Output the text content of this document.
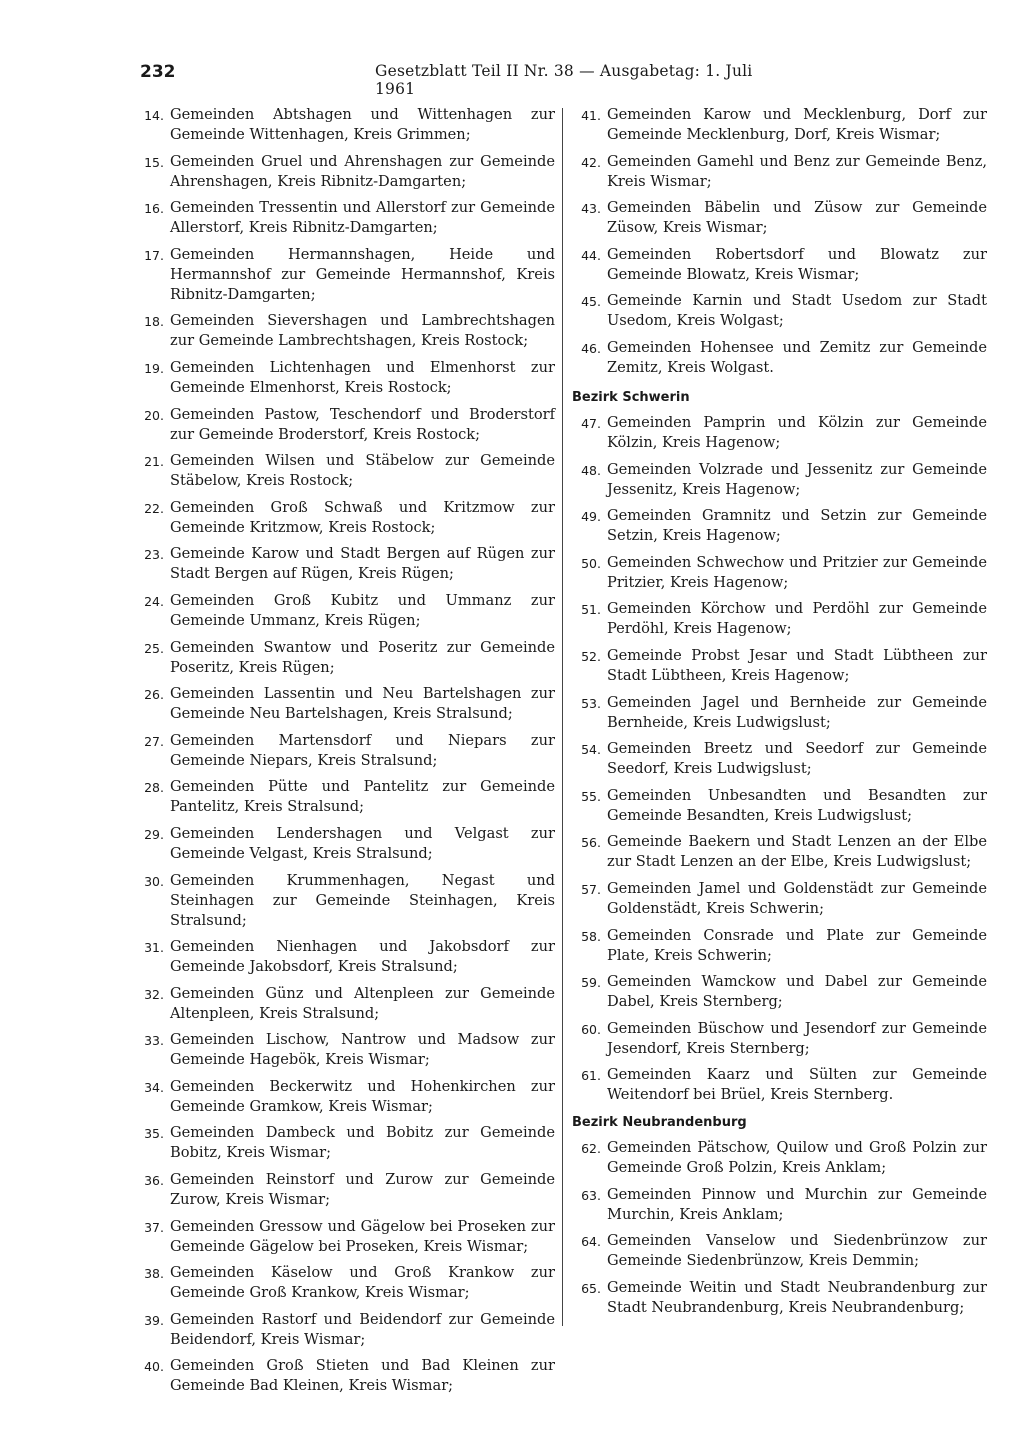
232	Gesetzblatt Teil II Nr. 38 — Ausgabetag: 1. Juli 1961
14. Gemeinden Abtshagen und Wittenhagen zur Gemeinde Wittenhagen, Kreis Grimmen;
15. Gemeinden Gruel und Ahrenshagen zur Gemeinde Ahrenshagen, Kreis Ribnitz-Damgarten;
16. Gemeinden Tressentin und Allerstorf zur Gemeinde Allerstorf, Kreis Ribnitz-Damgarten;
17. Gemeinden Hermannshagen, Heide und Hermannshof zur Gemeinde Hermannshof, Kreis Ribnitz-Damgarten;
18. Gemeinden Sievershagen und Lambrechtshagen zur Gemeinde Lambrechtshagen, Kreis Rostock;
19. Gemeinden Lichtenhagen und Elmenhorst zur Gemeinde Elmenhorst, Kreis Rostock;
20. Gemeinden Pastow, Teschendorf und Broderstorf zur Gemeinde Broderstorf, Kreis Rostock;
21. Gemeinden Wilsen und Stäbelow zur Gemeinde Stäbelow, Kreis Rostock;
22. Gemeinden Groß Schwaß und Kritzmow zur Gemeinde Kritzmow, Kreis Rostock;
23. Gemeinde Karow und Stadt Bergen auf Rügen zur Stadt Bergen auf Rügen, Kreis Rügen;
24. Gemeinden Groß Kubitz und Ummanz zur Gemeinde Ummanz, Kreis Rügen;
25. Gemeinden Swantow und Poseritz zur Gemeinde Poseritz, Kreis Rügen;
26. Gemeinden Lassentin und Neu Bartelshagen zur Gemeinde Neu Bartelshagen, Kreis Stralsund;
27. Gemeinden Martensdorf und Niepars zur Gemeinde Niepars, Kreis Stralsund;
28. Gemeinden Pütte und Pantelitz zur Gemeinde Pantelitz, Kreis Stralsund;
29. Gemeinden Lendershagen und Velgast zur Gemeinde Velgast, Kreis Stralsund;
30. Gemeinden Krummenhagen, Negast und Steinhagen zur Gemeinde Steinhagen, Kreis Stralsund;
31. Gemeinden Nienhagen und Jakobsdorf zur Gemeinde Jakobsdorf, Kreis Stralsund;
32. Gemeinden Günz und Altenpleen zur Gemeinde Altenpleen, Kreis Stralsund;
33. Gemeinden Lischow, Nantrow und Madsow zur Gemeinde Hagebök, Kreis Wismar;
34. Gemeinden Beckerwitz und Hohenkirchen zur Gemeinde Gramkow, Kreis Wismar;
35. Gemeinden Dambeck und Bobitz zur Gemeinde Bobitz, Kreis Wismar;
36. Gemeinden Reinstorf und Zurow zur Gemeinde Zurow, Kreis Wismar;
37. Gemeinden Gressow und Gägelow bei Proseken zur Gemeinde Gägelow bei Proseken, Kreis Wismar;
38. Gemeinden Käselow und Groß Krankow zur Gemeinde Groß Krankow, Kreis Wismar;
39. Gemeinden Rastorf und Beidendorf zur Gemeinde Beidendorf, Kreis Wismar;
40. Gemeinden Groß Stieten und Bad Kleinen zur Gemeinde Bad Kleinen, Kreis Wismar;
41. Gemeinden Karow und Mecklenburg, Dorf zur Gemeinde Mecklenburg, Dorf, Kreis Wismar;
42. Gemeinden Gamehl und Benz zur Gemeinde Benz, Kreis Wismar;
43. Gemeinden Bäbelin und Züsow zur Gemeinde Züsow, Kreis Wismar;
44. Gemeinden Robertsdorf und Blowatz zur Gemeinde Blowatz, Kreis Wismar;
45. Gemeinde Karnin und Stadt Usedom zur Stadt Usedom, Kreis Wolgast;
46. Gemeinden Hohensee und Zemitz zur Gemeinde Zemitz, Kreis Wolgast.
Bezirk Schwerin
47. Gemeinden Pamprin und Kölzin zur Gemeinde Kölzin, Kreis Hagenow;
48. Gemeinden Volzrade und Jessenitz zur Gemeinde Jessenitz, Kreis Hagenow;
49. Gemeinden Gramnitz und Setzin zur Gemeinde Setzin, Kreis Hagenow;
50. Gemeinden Schwechow und Pritzier zur Gemeinde Pritzier, Kreis Hagenow;
51. Gemeinden Körchow und Perdöhl zur Gemeinde Perdöhl, Kreis Hagenow;
52. Gemeinde Probst Jesar und Stadt Lübtheen zur Stadt Lübtheen, Kreis Hagenow;
53. Gemeinden Jagel und Bernheide zur Gemeinde Bernheide, Kreis Ludwigslust;
54. Gemeinden Breetz und Seedorf zur Gemeinde Seedorf, Kreis Ludwigslust;
55. Gemeinden Unbesandten und Besandten zur Gemeinde Besandten, Kreis Ludwigslust;
56. Gemeinde Baekern und Stadt Lenzen an der Elbe zur Stadt Lenzen an der Elbe, Kreis Ludwigslust;
57. Gemeinden Jamel und Goldenstädt zur Gemeinde Goldenstädt, Kreis Schwerin;
58. Gemeinden Consrade und Plate zur Gemeinde Plate, Kreis Schwerin;
59. Gemeinden Wamckow und Dabel zur Gemeinde Dabel, Kreis Sternberg;
60. Gemeinden Büschow und Jesendorf zur Gemeinde Jesendorf, Kreis Sternberg;
61. Gemeinden Kaarz und Sülten zur Gemeinde Weitendorf bei Brüel, Kreis Sternberg.
Bezirk Neubrandenburg
62. Gemeinden Pätschow, Quilow und Groß Polzin zur Gemeinde Groß Polzin, Kreis Anklam;
63. Gemeinden Pinnow und Murchin zur Gemeinde Murchin, Kreis Anklam;
64. Gemeinden Vanselow und Siedenbrünzow zur Gemeinde Siedenbrünzow, Kreis Demmin;
65. Gemeinde Weitin und Stadt Neubrandenburg zur Stadt Neubrandenburg, Kreis Neubrandenburg;
